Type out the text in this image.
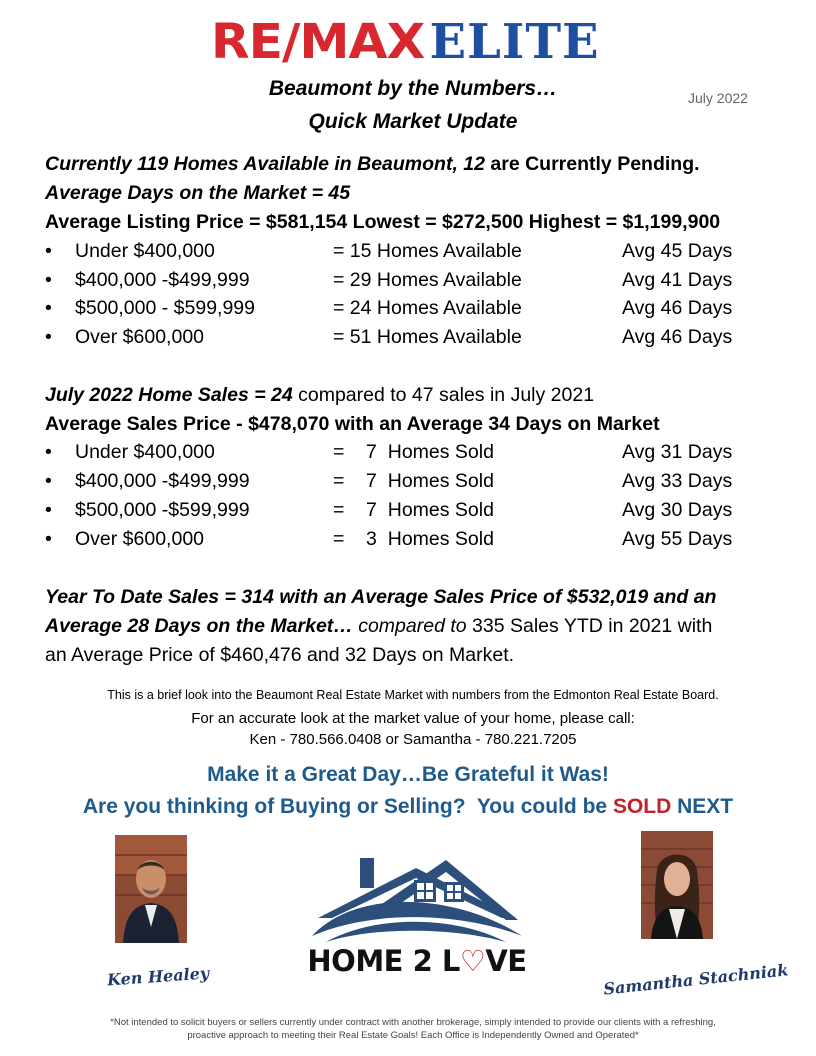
RE/MAX ELITE
Beaumont by the Numbers…
Quick Market Update
July 2022
Currently 119 Homes Available in Beaumont, 12 are Currently Pending.
Average Days on the Market = 45
Average Listing Price = $581,154 Lowest = $272,500 Highest = $1,199,900
• Under $400,000	= 15 Homes Available	Avg 45 Days
• $400,000 -$499,999	= 29 Homes Available	Avg 41 Days
• $500,000 - $599,999	= 24 Homes Available	Avg 46 Days
• Over $600,000	= 51 Homes Available	Avg 46 Days
July 2022 Home Sales = 24 compared to 47 sales in July 2021
Average Sales Price - $478,070 with an Average 34 Days on Market
• Under $400,000	=    7  Homes Sold	Avg 31 Days
• $400,000 -$499,999	=    7  Homes Sold	Avg 33 Days
• $500,000 -$599,999	=    7  Homes Sold	Avg 30 Days
• Over $600,000	=    3  Homes Sold	Avg 55 Days
Year To Date Sales = 314 with an Average Sales Price of $532,019 and an
Average 28 Days on the Market… compared to 335 Sales YTD in 2021 with
an Average Price of $460,476 and 32 Days on Market.
This is a brief look into the Beaumont Real Estate Market with numbers from the Edmonton Real Estate Board.
For an accurate look at the market value of your home, please call:
Ken - 780.566.0408 or Samantha - 780.221.7205
Make it a Great Day…Be Grateful it Was!
Are you thinking of Buying or Selling?  You could be SOLD NEXT
HOME 2 L♡VE
Ken Healey	Samantha Stachniak
*Not intended to solicit buyers or sellers currently under contract with another brokerage, simply intended to provide our clients with a refreshing,
proactive approach to meeting their Real Estate Goals! Each Office is Independently Owned and Operated*
